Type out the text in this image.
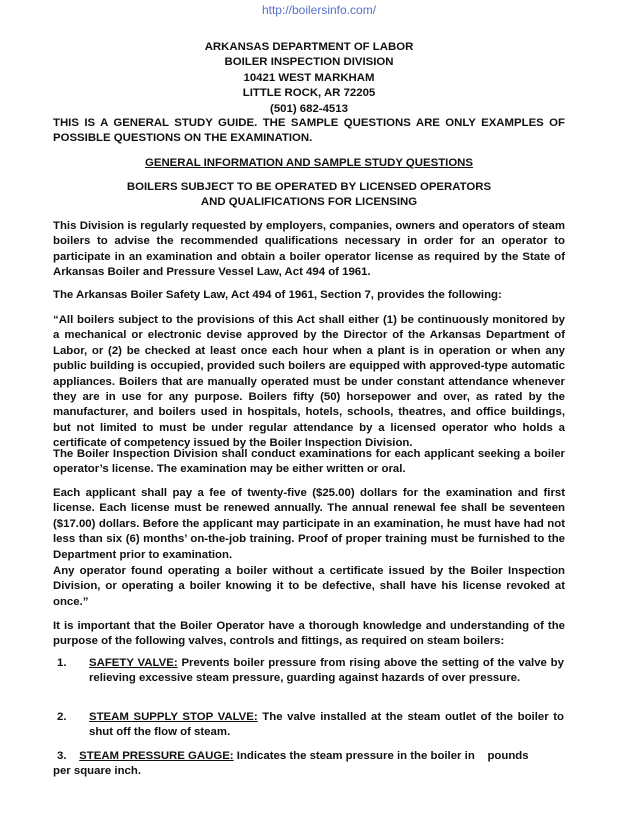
http://boilersinfo.com/
ARKANSAS DEPARTMENT OF LABOR
BOILER INSPECTION DIVISION
10421 WEST MARKHAM
LITTLE ROCK, AR 72205
(501) 682-4513

THIS IS A GENERAL STUDY GUIDE. THE SAMPLE QUESTIONS ARE ONLY EXAMPLES OF POSSIBLE QUESTIONS ON THE EXAMINATION.

GENERAL INFORMATION AND SAMPLE STUDY QUESTIONS

BOILERS SUBJECT TO BE OPERATED BY LICENSED OPERATORS

AND QUALIFICATIONS FOR LICENSING

This Division is regularly requested by employers, companies, owners and operators of steam boilers to advise the recommended qualifications necessary in order for an operator to participate in an examination and obtain a boiler operator license as required by the State of Arkansas Boiler and Pressure Vessel Law, Act 494 of 1961.

The Arkansas Boiler Safety Law, Act 494 of 1961, Section 7, provides the following:

“All boilers subject to the provisions of this Act shall either (1) be continuously monitored by a mechanical or electronic devise approved by the Director of the Arkansas Department of Labor, or (2) be checked at least once each hour when a plant is in operation or when any public building is occupied, provided such boilers are equipped with approved-type automatic appliances. Boilers that are manually operated must be under constant attendance whenever they are in use for any purpose. Boilers fifty (50) horsepower and over, as rated by the manufacturer, and boilers used in hospitals, hotels, schools, theatres, and office buildings, but not limited to must be under regular attendance by a licensed operator who holds a certificate of competency issued by the Boiler Inspection Division.

The Boiler Inspection Division shall conduct examinations for each applicant seeking a boiler operator’s license. The examination may be either written or oral.

Each applicant shall pay a fee of twenty-five ($25.00) dollars for the examination and first license. Each license must be renewed annually. The annual renewal fee shall be seventeen ($17.00) dollars. Before the applicant may participate in an examination, he must have had not less than six (6) months’ on-the-job training. Proof of proper training must be furnished to the Department prior to examination.

Any operator found operating a boiler without a certificate issued by the Boiler Inspection Division, or operating a boiler knowing it to be defective, shall have his license revoked at once.”

It is important that the Boiler Operator have a thorough knowledge and understanding of the purpose of the following valves, controls and fittings, as required on steam boilers:

1. SAFETY VALVE: Prevents boiler pressure from rising above the setting of the valve by relieving excessive steam pressure, guarding against hazards of over pressure.

2. STEAM SUPPLY STOP VALVE: The valve installed at the steam outlet of the boiler to shut off the flow of steam.

3. STEAM PRESSURE GAUGE: Indicates the steam pressure in the boiler in    pounds
per square inch.
